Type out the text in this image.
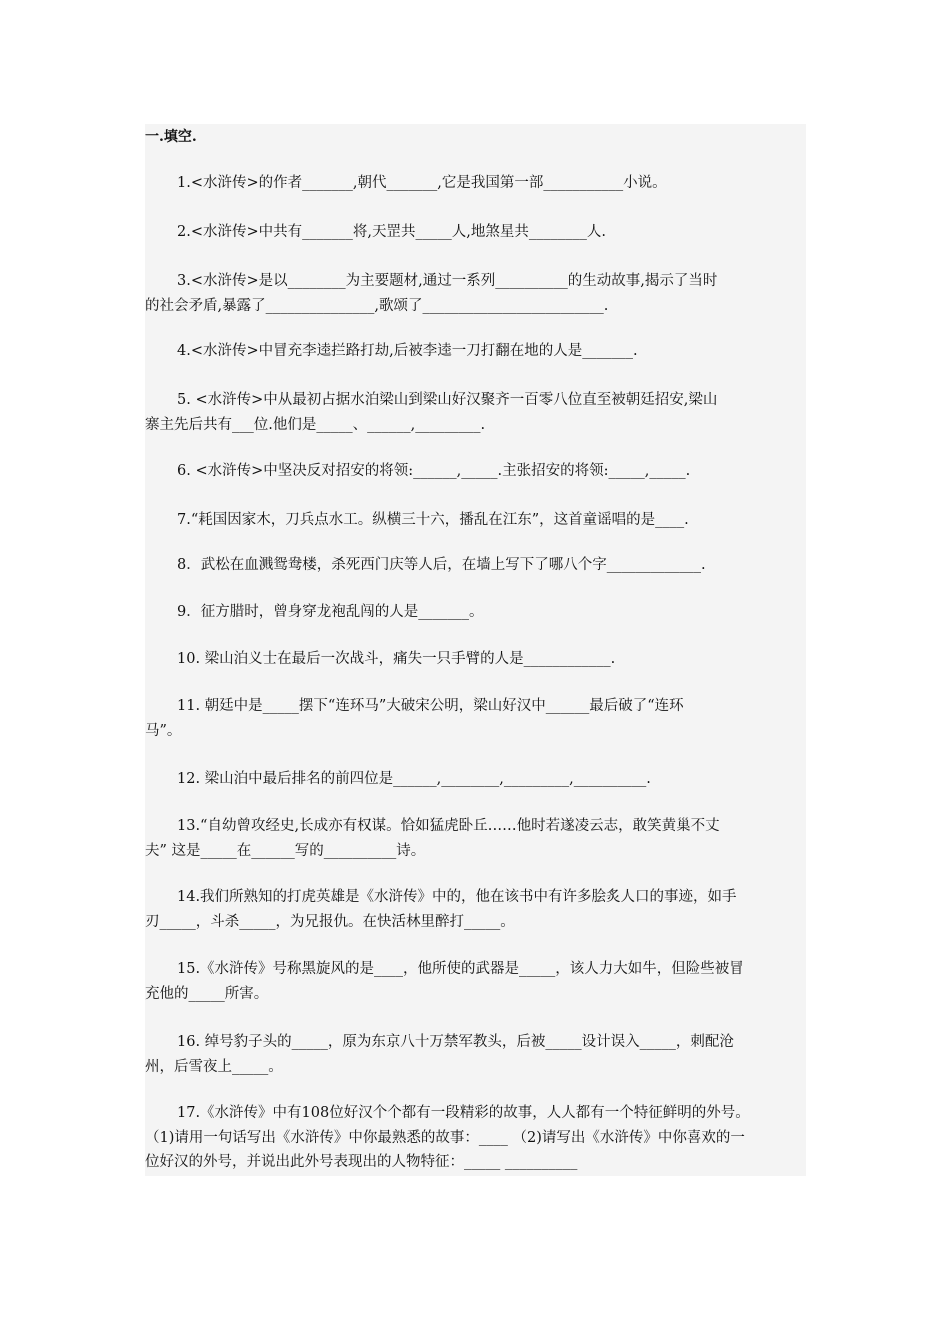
一.填空.
1.<水浒传>的作者_______,朝代_______,它是我国第一部___________小说。
2.<水浒传>中共有_______将,天罡共_____人,地煞星共________人.
3.<水浒传>是以________为主要题材,通过一系列__________的生动故事,揭示了当时
的社会矛盾,暴露了_______________,歌颂了_________________________.
4.<水浒传>中冒充李逵拦路打劫,后被李逵一刀打翻在地的人是_______.
5. <水浒传>中从最初占据水泊梁山到梁山好汉聚齐一百零八位直至被朝廷招安,梁山
寨主先后共有___位.他们是_____、______,_________.
6. <水浒传>中坚决反对招安的将领:______,_____.主张招安的将领:_____,_____.
7.“耗国因家木，刀兵点水工。纵横三十六，播乱在江东”，这首童谣唱的是____.
8．武松在血溅鸳鸯楼，杀死西门庆等人后，在墙上写下了哪八个字_____________.
9．征方腊时，曾身穿龙袍乱闯的人是_______。
10. 梁山泊义士在最后一次战斗，痛失一只手臂的人是____________.
11. 朝廷中是_____摆下“连环马”大破宋公明，梁山好汉中______最后破了“连环
马”。
12. 梁山泊中最后排名的前四位是______,________,_________,__________.
13.“自幼曾攻经史,长成亦有权谋。恰如猛虎卧丘……他时若遂凌云志，敢笑黄巢不丈
夫” 这是_____在______写的__________诗。
14.我们所熟知的打虎英雄是《水浒传》中的，他在该书中有许多脍炙人口的事迹，如手
刃_____，斗杀_____，为兄报仇。在快活林里醉打_____。
15.《水浒传》号称黑旋风的是____，他所使的武器是_____，该人力大如牛，但险些被冒
充他的_____所害。
16. 绰号豹子头的_____，原为东京八十万禁军教头，后被_____设计误入_____，刺配沧
州，后雪夜上_____。
17.《水浒传》中有108位好汉个个都有一段精彩的故事，人人都有一个特征鲜明的外号。
（1)请用一句话写出《水浒传》中你最熟悉的故事：____ （2)请写出《水浒传》中你喜欢的一
位好汉的外号，并说出此外号表现出的人物特征：_____ __________
